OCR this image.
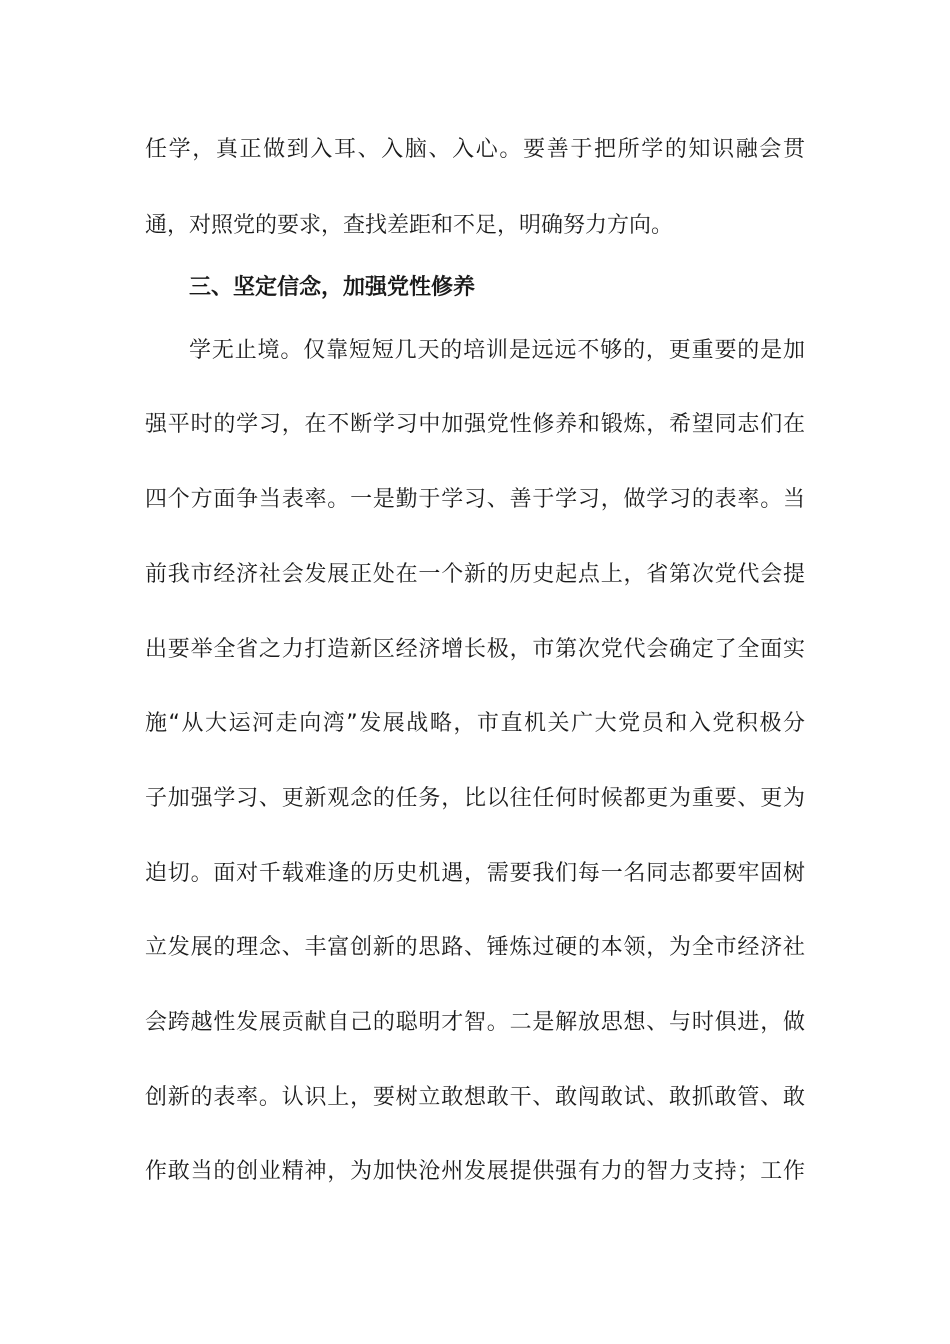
任学，真正做到入耳、入脑、入心。要善于把所学的知识融会贯
通，对照党的要求，查找差距和不足，明确努力方向。
三、坚定信念，加强党性修养
学无止境。仅靠短短几天的培训是远远不够的，更重要的是加
强平时的学习，在不断学习中加强党性修养和锻炼，希望同志们在
四个方面争当表率。一是勤于学习、善于学习，做学习的表率。当
前我市经济社会发展正处在一个新的历史起点上，省第次党代会提
出要举全省之力打造新区经济增长极，市第次党代会确定了全面实
施“从大运河走向湾”发展战略，市直机关广大党员和入党积极分
子加强学习、更新观念的任务，比以往任何时候都更为重要、更为
迫切。面对千载难逢的历史机遇，需要我们每一名同志都要牢固树
立发展的理念、丰富创新的思路、锤炼过硬的本领，为全市经济社
会跨越性发展贡献自己的聪明才智。二是解放思想、与时俱进，做
创新的表率。认识上，要树立敢想敢干、敢闯敢试、敢抓敢管、敢
作敢当的创业精神，为加快沧州发展提供强有力的智力支持；工作
